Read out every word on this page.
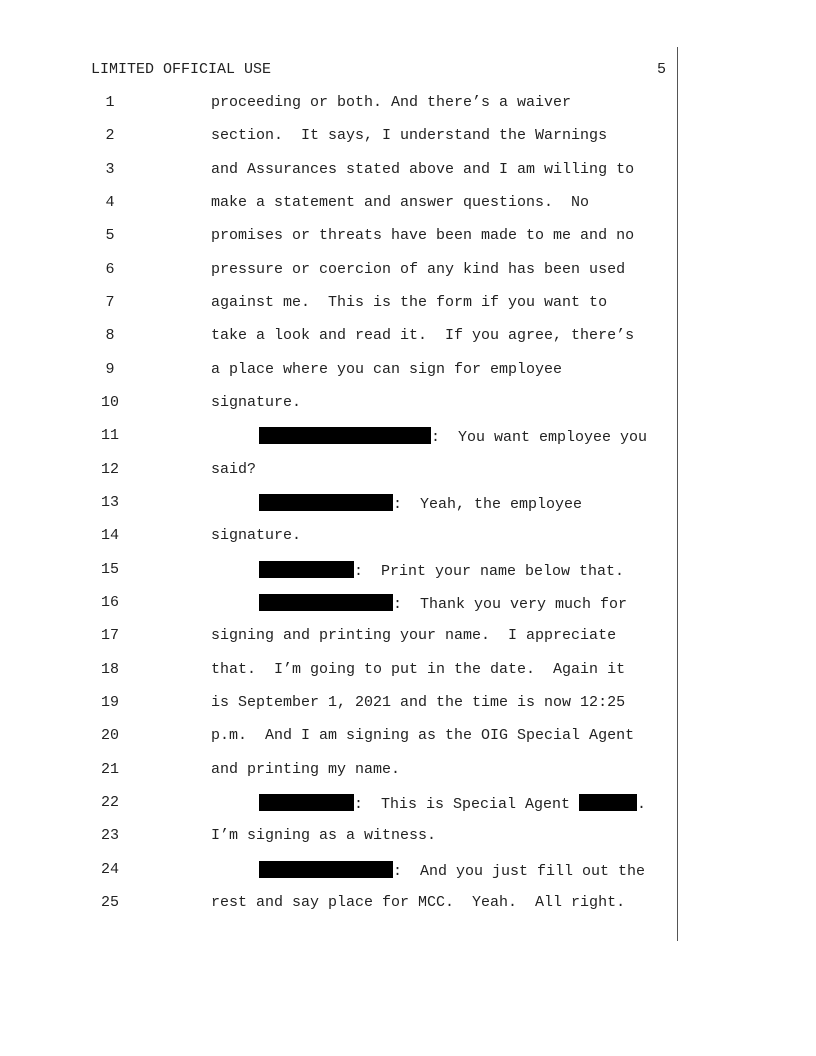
LIMITED OFFICIAL USE	5
1	proceeding or both. And there’s a waiver
2	section.  It says, I understand the Warnings
3	and Assurances stated above and I am willing to
4	make a statement and answer questions.  No
5	promises or threats have been made to me and no
6	pressure or coercion of any kind has been used
7	against me.  This is the form if you want to
8	take a look and read it.  If you agree, there’s
9	a place where you can sign for employee
10	signature.
11	:  You want employee you
12	said?
13	:  Yeah, the employee
14	signature.
15	:  Print your name below that.
16	:  Thank you very much for
17	signing and printing your name.  I appreciate
18	that.  I’m going to put in the date.  Again it
19	is September 1, 2021 and the time is now 12:25
20	p.m.  And I am signing as the OIG Special Agent
21	and printing my name.
22	:  This is Special Agent	.
23	I’m signing as a witness.
24	:  And you just fill out the
25	rest and say place for MCC.  Yeah.  All right.
